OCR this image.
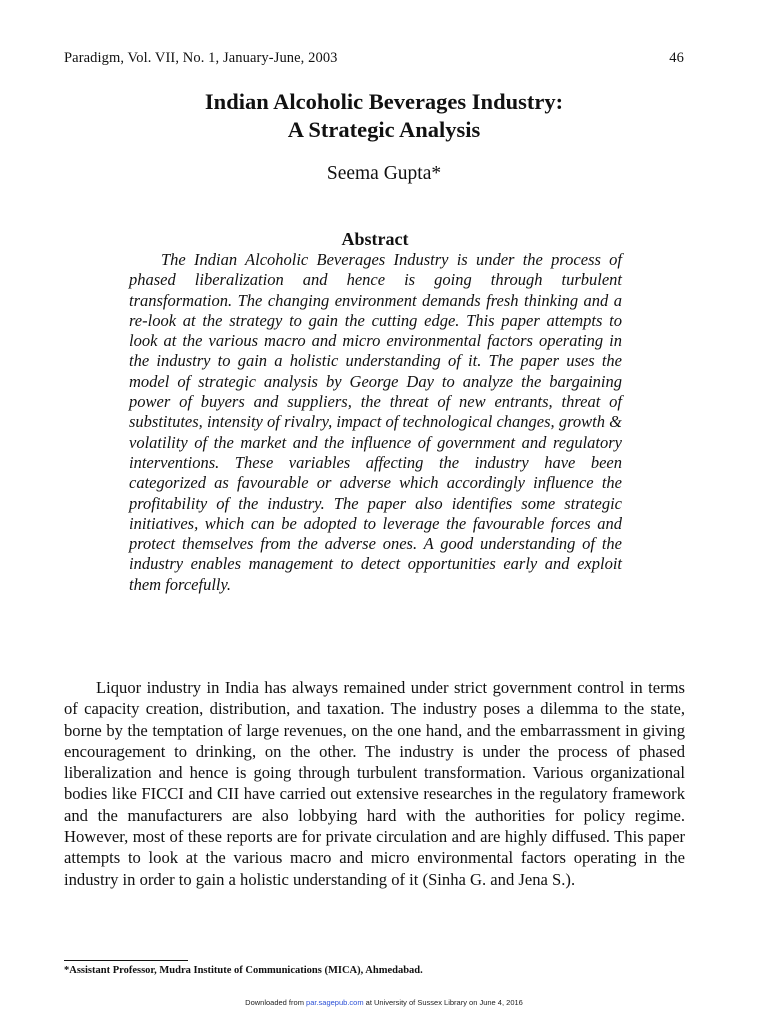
Paradigm, Vol. VII, No. 1, January-June, 2003	46
Indian Alcoholic Beverages Industry:
A Strategic Analysis
Seema Gupta*
Abstract

The Indian Alcoholic Beverages Industry is under the process of phased liberalization and hence is going through turbulent transformation. The changing environment demands fresh thinking and a re-look at the strategy to gain the cutting edge. This paper attempts to look at the various macro and micro environmental factors operating in the industry to gain a holistic understanding of it. The paper uses the model of strategic analysis by George Day to analyze the bargaining power of buyers and suppliers, the threat of new entrants, threat of substitutes, intensity of rivalry, impact of technological changes, growth & volatility of the market and the influence of government and regulatory interventions. These variables affecting the industry have been categorized as favourable or adverse which accordingly influence the profitability of the industry. The paper also identifies some strategic initiatives, which can be adopted to leverage the favourable forces and protect themselves from the adverse ones. A good understanding of the industry enables management to detect opportunities early and exploit them forcefully.

Liquor industry in India has always remained under strict government control in terms of capacity creation, distribution, and taxation. The industry poses a dilemma to the state, borne by the temptation of large revenues, on the one hand, and the embarrassment in giving encouragement to drinking, on the other. The industry is under the process of phased liberalization and hence is going through turbulent transformation. Various organizational bodies like FICCI and CII have carried out extensive researches in the regulatory framework and the manufacturers are also lobbying hard with the authorities for policy regime. However, most of these reports are for private circulation and are highly diffused. This paper attempts to look at the various macro and micro environmental factors operating in the industry in order to gain a holistic understanding of it (Sinha G. and Jena S.).

*Assistant Professor, Mudra Institute of Communications (MICA), Ahmedabad.
Downloaded from par.sagepub.com at University of Sussex Library on June 4, 2016
